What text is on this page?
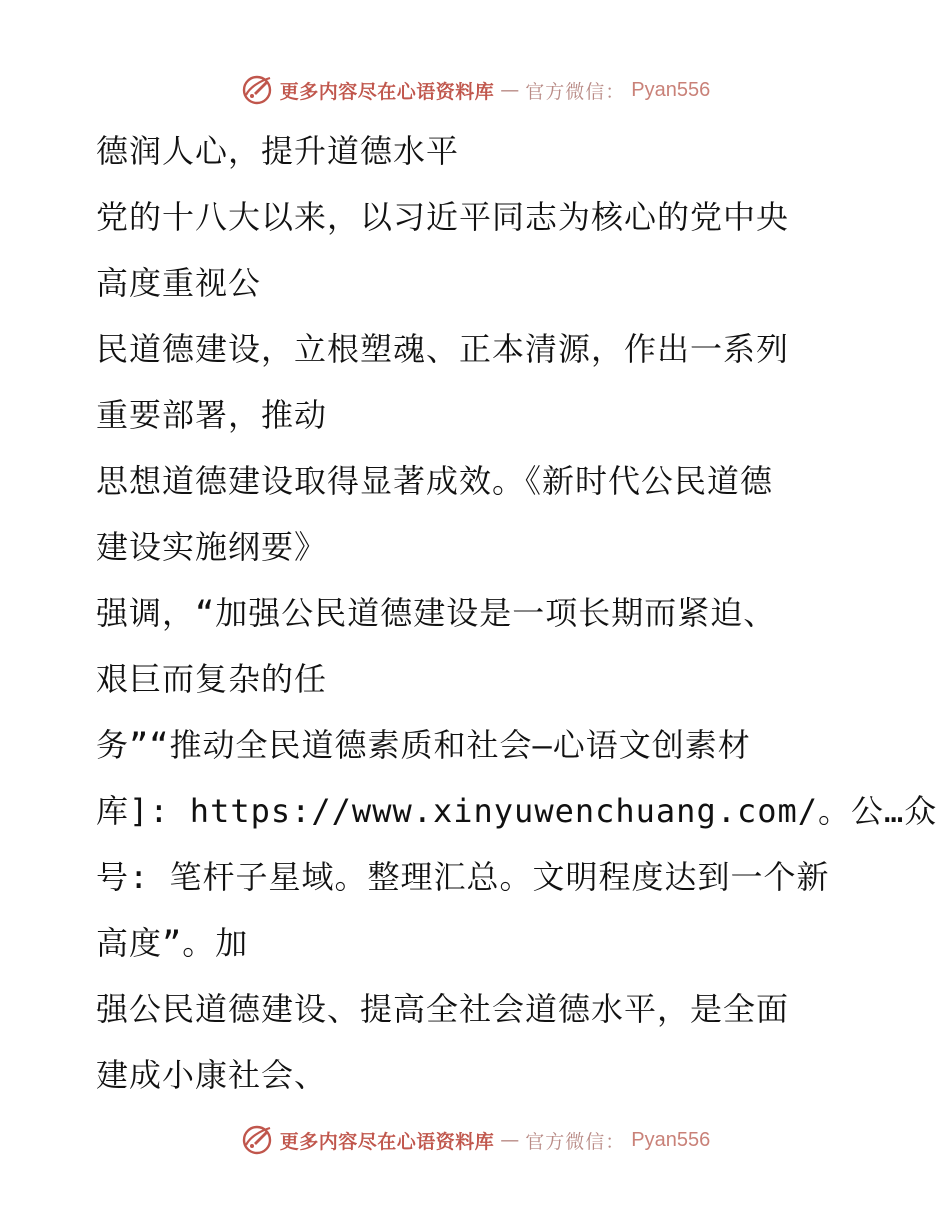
更多内容尽在心语资料库 — 官方微信： Pyan556
德润人心，提升道德水平
党的十八大以来，以习近平同志为核心的党中央
高度重视公
民道德建设，立根塑魂、正本清源，作出一系列
重要部署，推动
思想道德建设取得显著成效。《新时代公民道德
建设实施纲要》
强调，“加强公民道德建设是一项长期而紧迫、
艰巨而复杂的任
务”“推动全民道德素质和社会—心语文创素材
库]: https://www.xinyuwenchuang.com/。公…众
号: 笔杆子星域。整理汇总。文明程度达到一个新
高度”。加
强公民道德建设、提高全社会道德水平，是全面
建成小康社会、
更多内容尽在心语资料库 — 官方微信： Pyan556
